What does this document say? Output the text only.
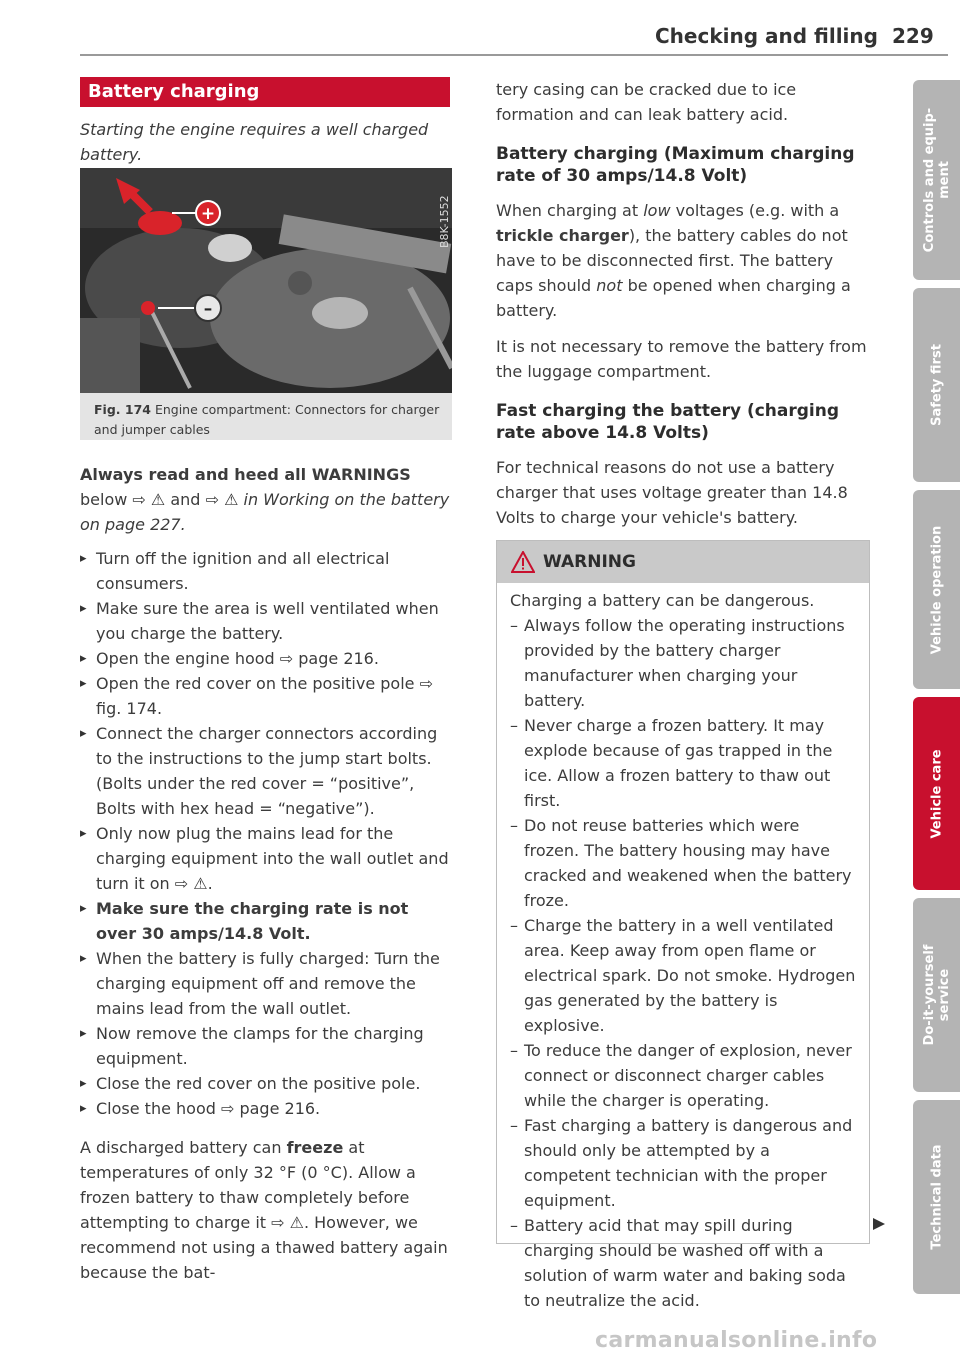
Checking and filling 229
Battery charging
Starting the engine requires a well charged battery.
+
–
B8K-1552
Fig. 174 Engine compartment: Connectors for charger and jumper cables
Always read and heed all WARNINGS below ⇨ ⚠ and ⇨ ⚠ in Working on the battery on page 227.
▸ Turn off the ignition and all electrical consumers.
▸ Make sure the area is well ventilated when you charge the battery.
▸ Open the engine hood ⇨ page 216.
▸ Open the red cover on the positive pole ⇨ fig. 174.
▸ Connect the charger connectors according to the instructions to the jump start bolts. (Bolts under the red cover = “positive”, Bolts with hex head = “negative”).
▸ Only now plug the mains lead for the charging equipment into the wall outlet and turn it on ⇨ ⚠.
▸ Make sure the charging rate is not over 30 amps/14.8 Volt.
▸ When the battery is fully charged: Turn the charging equipment off and remove the mains lead from the wall outlet.
▸ Now remove the clamps for the charging equipment.
▸ Close the red cover on the positive pole.
▸ Close the hood ⇨ page 216.
A discharged battery can freeze at temperatures of only 32 °F (0 °C). Allow a frozen battery to thaw completely before attempting to charge it ⇨ ⚠. However, we recommend not using a thawed battery again because the bat-
tery casing can be cracked due to ice formation and can leak battery acid.
Battery charging (Maximum charging rate of 30 amps/14.8 Volt)
When charging at low voltages (e.g. with a trickle charger), the battery cables do not have to be disconnected first. The battery caps should not be opened when charging a battery.
It is not necessary to remove the battery from the luggage compartment.
Fast charging the battery (charging rate above 14.8 Volts)
For technical reasons do not use a battery charger that uses voltage greater than 14.8 Volts to charge your vehicle's battery.
WARNING
Charging a battery can be dangerous.
– Always follow the operating instructions provided by the battery charger manufacturer when charging your battery.
– Never charge a frozen battery. It may explode because of gas trapped in the ice. Allow a frozen battery to thaw out first.
– Do not reuse batteries which were frozen. The battery housing may have cracked and weakened when the battery froze.
– Charge the battery in a well ventilated area. Keep away from open flame or electrical spark. Do not smoke. Hydrogen gas generated by the battery is explosive.
– To reduce the danger of explosion, never connect or disconnect charger cables while the charger is operating.
– Fast charging a battery is dangerous and should only be attempted by a competent technician with the proper equipment.
– Battery acid that may spill during charging should be washed off with a solution of warm water and baking soda to neutralize the acid.
Controls and equip-
ment
Safety first
Vehicle operation
Vehicle care
Do-it-yourself
service
Technical data
carmanualsonline.info
